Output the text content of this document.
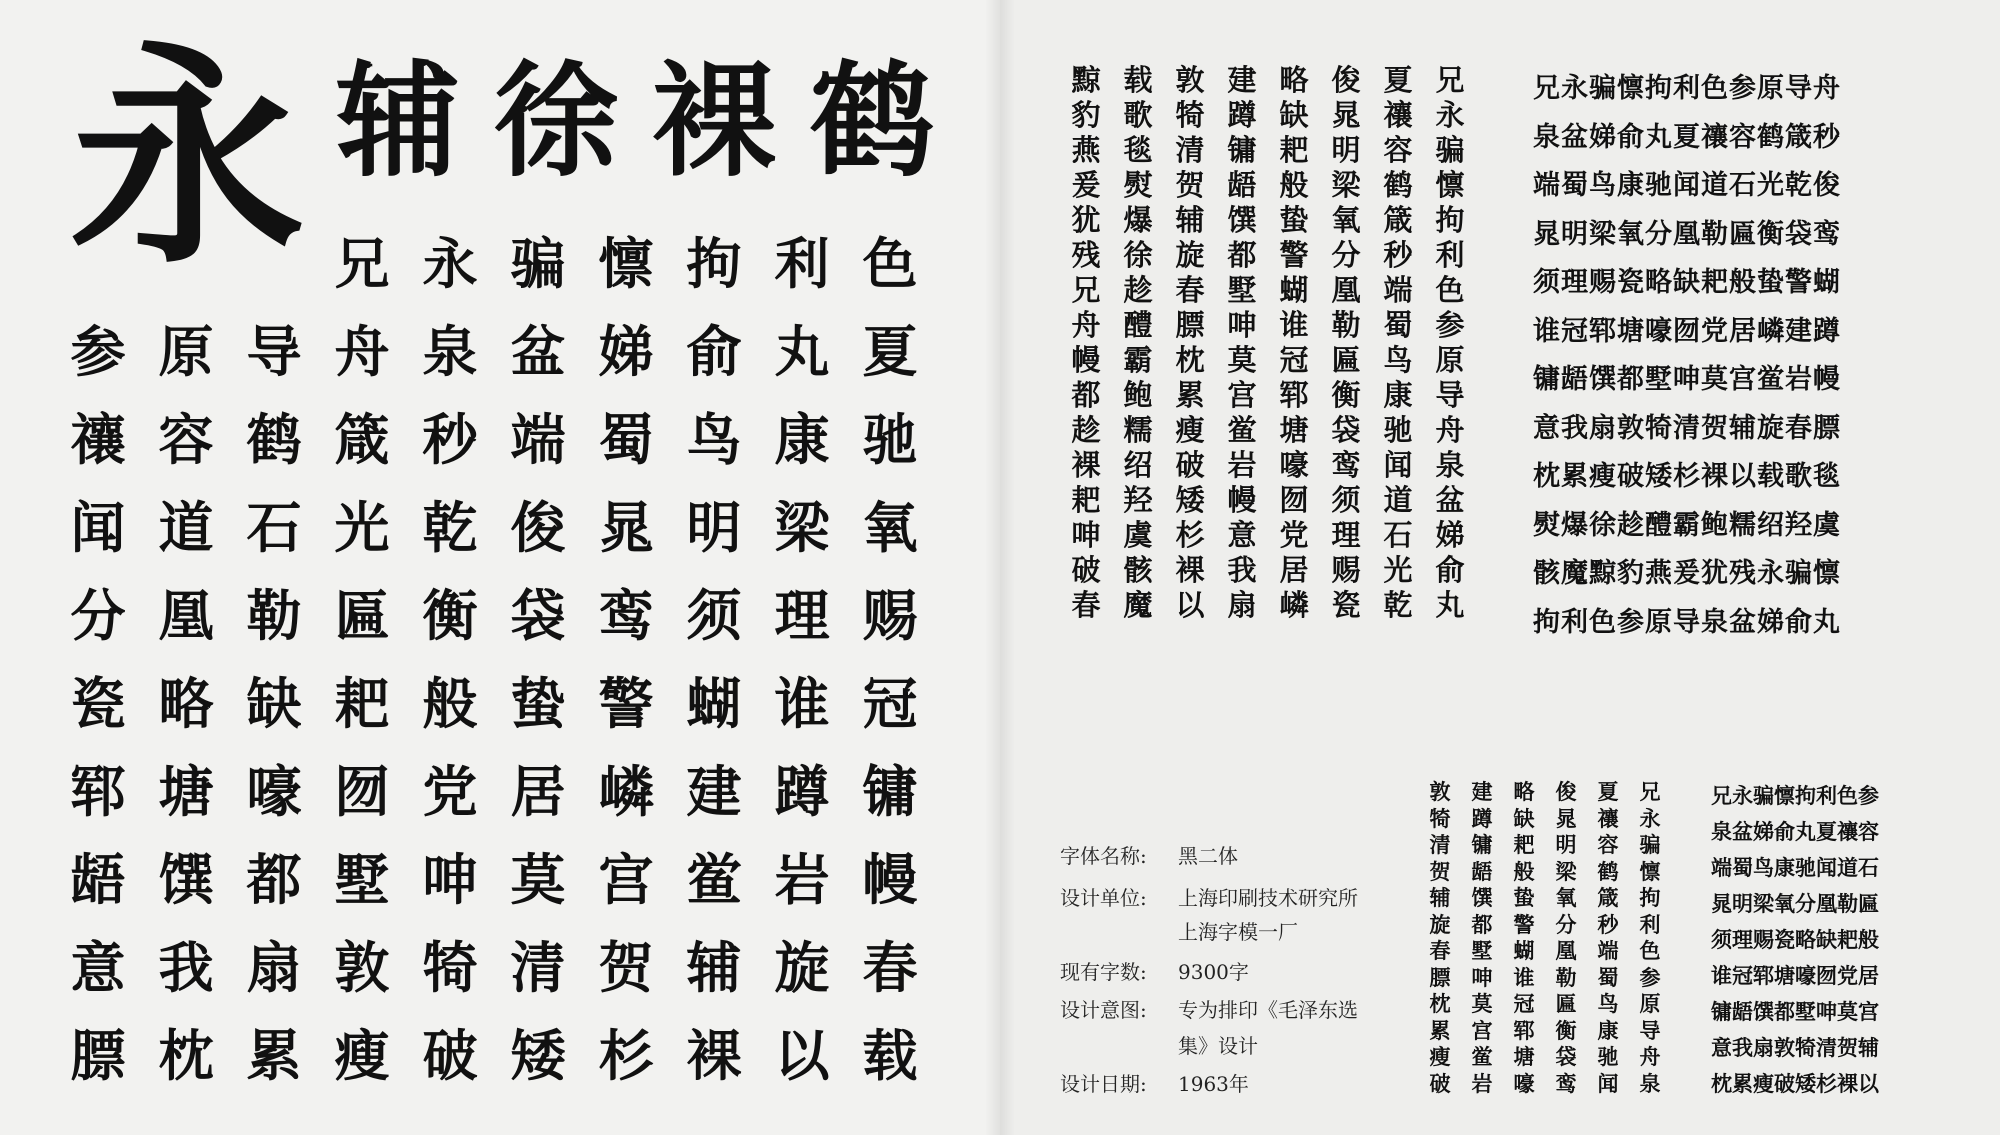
永 辅 徐 裸 鹤
兄 永 骗 懔 拘 利 色
参 原 导 舟 泉 盆 娣 俞 丸 夏
禳 容 鹤 箴 秒 端 蜀 鸟 康 驰
闻 道 石 光 乾 俊 晁 明 梁 氧
分 凰 勒 匾 衡 袋 鸾 须 理 赐
瓷 略 缺 耙 般 蛰 警 蝴 谁 冠
郓 塘 嚎 囫 党 居 嶙 建 蹲 镛
龉 馔 都 墅 呻 莫 宫 鲎 岩 幔
意 我 扇 敦 犄 清 贺 辅 旋 春
膘 枕 累 瘦 破 矮 杉 裸 以 载
兄
永
骗
懔
拘
利
色
参
原
导
舟
泉
盆
娣
俞
丸
夏
禳
容
鹤
箴
秒
端
蜀
鸟
康
驰
闻
道
石
光
乾
俊
晁
明
梁
氧
分
凰
勒
匾
衡
袋
鸾
须
理
赐
瓷
略
缺
耙
般
蛰
警
蝴
谁
冠
郓
塘
嚎
囫
党
居
嶙
建
蹲
镛
龉
馔
都
墅
呻
莫
宫
鲎
岩
幔
意
我
扇
敦
犄
清
贺
辅
旋
春
膘
枕
累
瘦
破
矮
杉
裸
以
载
歌
毯
熨
爆
徐
趁
醴
霸
鲍
糯
绍
羟
虞
骸
魔
黥
豹
燕
爰
犹
残
兄
舟
幔
都
趁
裸
耙
呻
破
春
兄永骗懔拘利色参原导舟
泉盆娣俞丸夏禳容鹤箴秒
端蜀鸟康驰闻道石光乾俊
晁明梁氧分凰勒匾衡袋鸾
须理赐瓷略缺耙般蛰警蝴
谁冠郓塘嚎囫党居嶙建蹲
镛龉馔都墅呻莫宫鲎岩幔
意我扇敦犄清贺辅旋春膘
枕累瘦破矮杉裸以载歌毯
熨爆徐趁醴霸鲍糯绍羟虞
骸魔黥豹燕爰犹残永骗懔
拘利色参原导泉盆娣俞丸
兄
永
骗
懔
拘
利
色
参
原
导
舟
泉
夏
禳
容
鹤
箴
秒
端
蜀
鸟
康
驰
闻
俊
晁
明
梁
氧
分
凰
勒
匾
衡
袋
鸾
略
缺
耙
般
蛰
警
蝴
谁
冠
郓
塘
嚎
建
蹲
镛
龉
馔
都
墅
呻
莫
宫
鲎
岩
敦
犄
清
贺
辅
旋
春
膘
枕
累
瘦
破
兄永骗懔拘利色参
泉盆娣俞丸夏禳容
端蜀鸟康驰闻道石
晁明梁氧分凰勒匾
须理赐瓷略缺耙般
谁冠郓塘嚎囫党居
镛龉馔都墅呻莫宫
意我扇敦犄清贺辅
枕累瘦破矮杉裸以
字体名称: 黑二体
设计单位: 上海印刷技术研究所
上海字模一厂
现有字数: 9300字
设计意图: 专为排印《毛泽东选
集》设计
设计日期: 1963年
